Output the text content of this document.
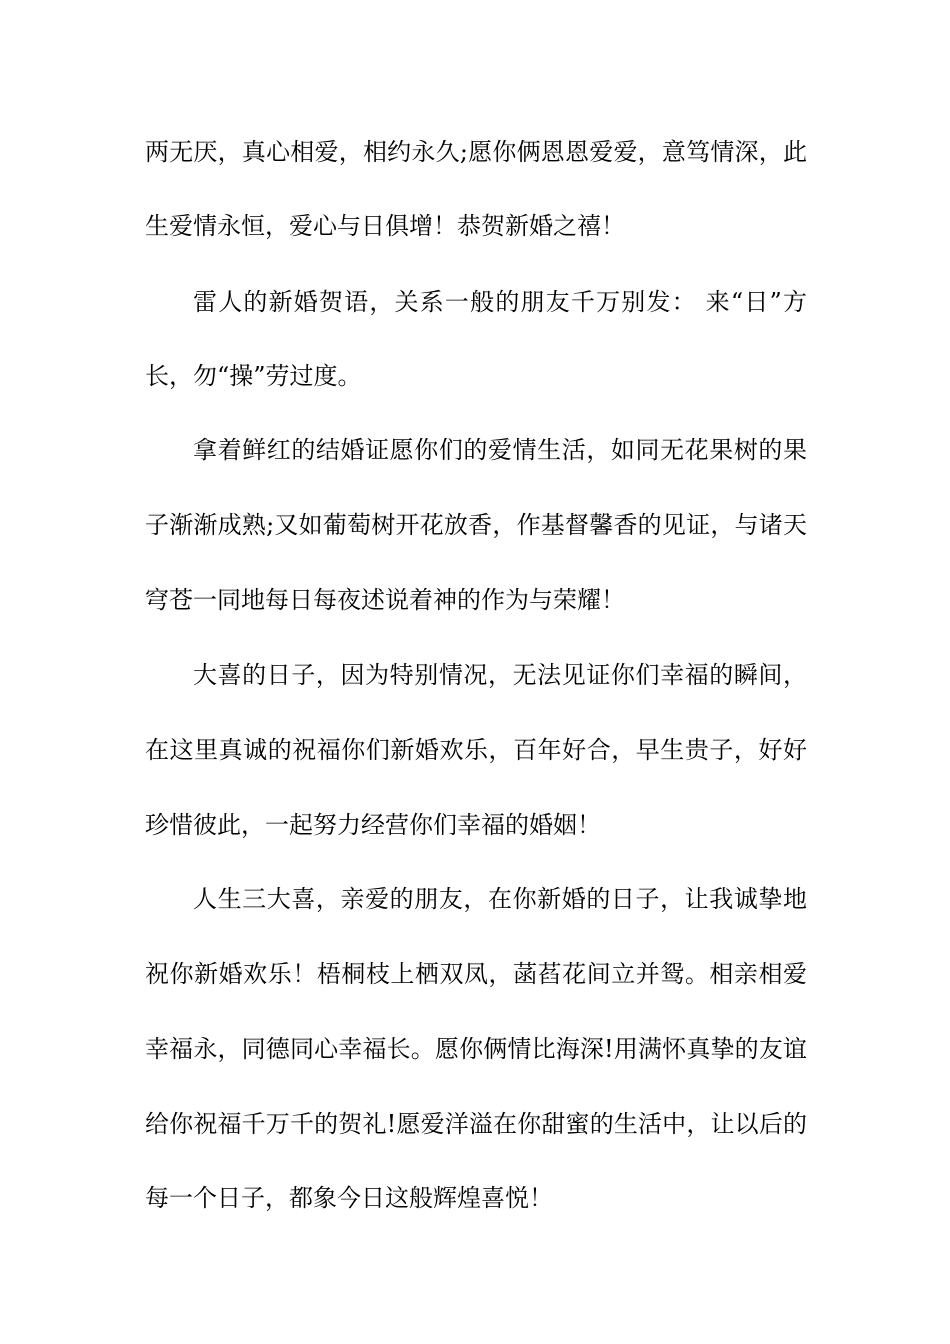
两无厌，真心相爱，相约永久;愿你俩恩恩爱爱，意笃情深，此
生爱情永恒，爱心与日俱增！恭贺新婚之禧！
雷人的新婚贺语，关系一般的朋友千万别发： 来“日”方
长，勿“操”劳过度。
拿着鲜红的结婚证愿你们的爱情生活，如同无花果树的果
子渐渐成熟;又如葡萄树开花放香，作基督馨香的见证，与诸天
穹苍一同地每日每夜述说着神的作为与荣耀！
大喜的日子，因为特别情况，无法见证你们幸福的瞬间，
在这里真诚的祝福你们新婚欢乐，百年好合，早生贵子，好好
珍惜彼此，一起努力经营你们幸福的婚姻！
人生三大喜，亲爱的朋友，在你新婚的日子，让我诚挚地
祝你新婚欢乐！梧桐枝上栖双凤，菡萏花间立并鸳。相亲相爱
幸福永，同德同心幸福长。愿你俩情比海深!用满怀真挚的友谊
给你祝福千万千的贺礼!愿爱洋溢在你甜蜜的生活中，让以后的
每一个日子，都象今日这般辉煌喜悦！
